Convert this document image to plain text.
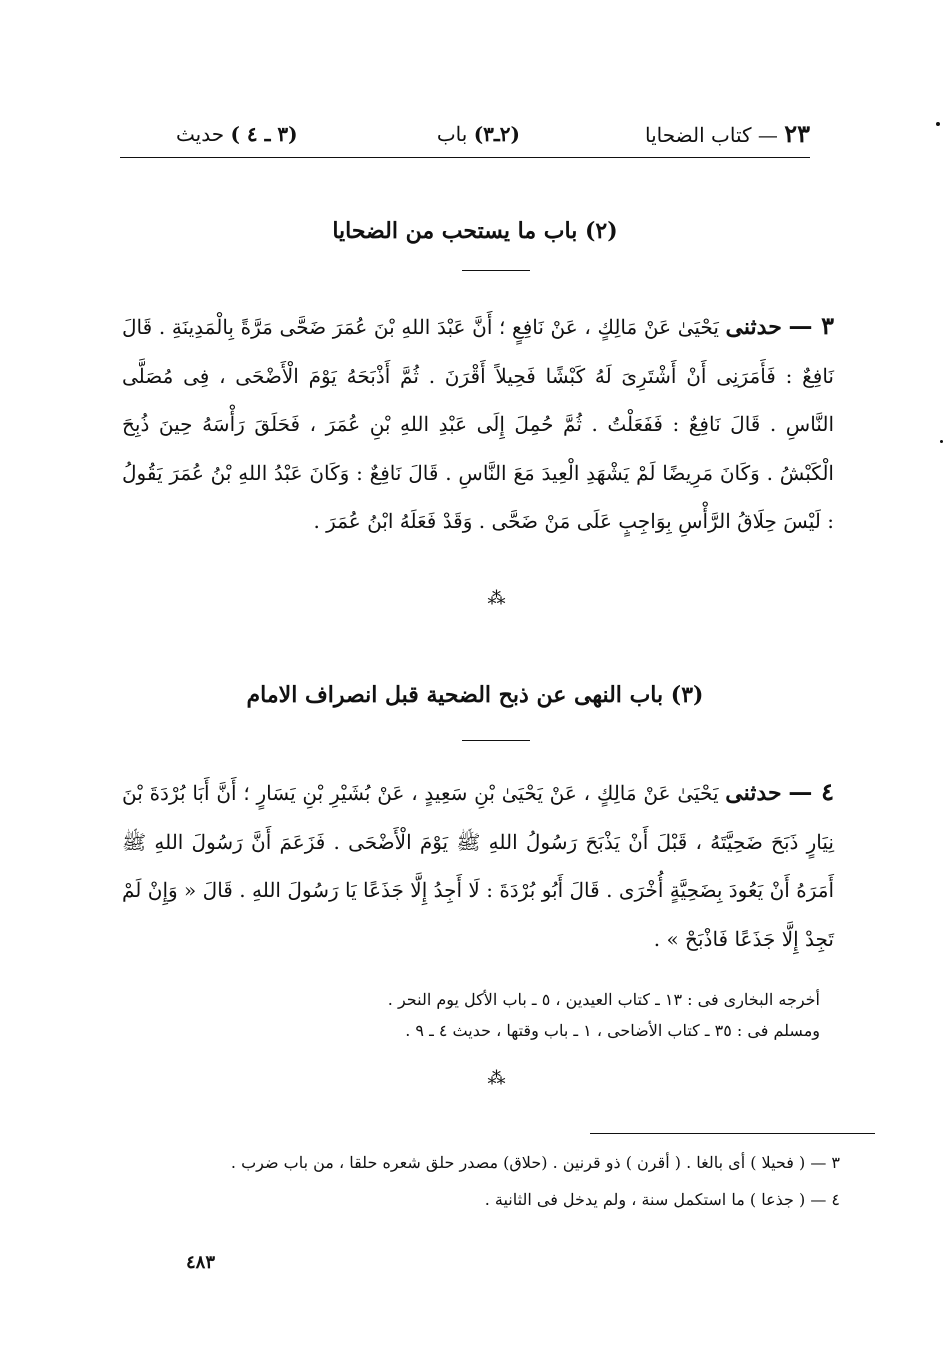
٢٣ — كتاب الضحايا
(٢ـ٣) باب
(٣ ـ ٤ ) حديث
(٢) باب ما يستحب من الضحايا
٣ — حدثنى يَحْيَىٰ عَنْ مَالِكٍ ، عَنْ نَافِعٍ ؛ أَنَّ عَبْدَ اللهِ بْنَ عُمَرَ ضَحَّى مَرَّةً بِالْمَدِينَةِ . قَالَ نَافِعٌ : فَأَمَرَنِى أَنْ أَشْتَرِىَ لَهُ كَبْشًا فَحِيلاً أَقْرَنَ . ثُمَّ أَذْبَحَهُ يَوْمَ الْأَضْحَى ، فِى مُصَلَّى النَّاسِ . قَالَ نَافِعٌ : فَفَعَلْتُ . ثُمَّ حُمِلَ إِلَى عَبْدِ اللهِ بْنِ عُمَرَ ، فَحَلَقَ رَأْسَهُ حِينَ ذُبِحَ الْكَبْشُ . وَكَانَ مَرِيضًا لَمْ يَشْهَدِ الْعِيدَ مَعَ النَّاسِ . قَالَ نَافِعٌ : وَكَانَ عَبْدُ اللهِ بْنُ عُمَرَ يَقُولُ : لَيْسَ حِلَاقُ الرَّأْسِ بِوَاجِبٍ عَلَى مَنْ ضَحَّى . وَقَدْ فَعَلَهُ ابْنُ عُمَرَ .
⁂
(٣) باب النهى عن ذبح الضحية قبل انصراف الامام
٤ — حدثنى يَحْيَىٰ عَنْ مَالِكٍ ، عَنْ يَحْيَىٰ بْنِ سَعِيدٍ ، عَنْ بُشَيْرِ بْنِ يَسَارٍ ؛ أَنَّ أَبَا بُرْدَةَ بْنَ نِيَارٍ ذَبَحَ ضَحِيَّتَهُ ، قَبْلَ أَنْ يَذْبَحَ رَسُولُ اللهِ ﷺ يَوْمَ الْأَضْحَى . فَزَعَمَ أَنَّ رَسُولَ اللهِ ﷺ أَمَرَهُ أَنْ يَعُودَ بِضَحِيَّةٍ أُخْرَى . قَالَ أَبُو بُرْدَةَ : لَا أَجِدُ إِلَّا جَذَعًا يَا رَسُولَ اللهِ . قَالَ « وَإِنْ لَمْ تَجِدْ إِلَّا جَذَعًا فَاذْبَحْ » .

أخرجه البخارى فى : ١٣ ـ كتاب العيدين ، ٥ ـ باب الأكل يوم النحر .

ومسلم فى : ٣٥ ـ كتاب الأضاحى ، ١ ـ باب وقتها ، حديث ٤ ـ ٩ .

⁂

٣ — ( فحيلا ) أى بالغا . ( أقرن ) ذو قرنين . (حلاق) مصدر حلق شعره حلقا ، من باب ضرب .

٤ — ( جذعا ) ما استكمل سنة ، ولم يدخل فى الثانية .

٤٨٣
